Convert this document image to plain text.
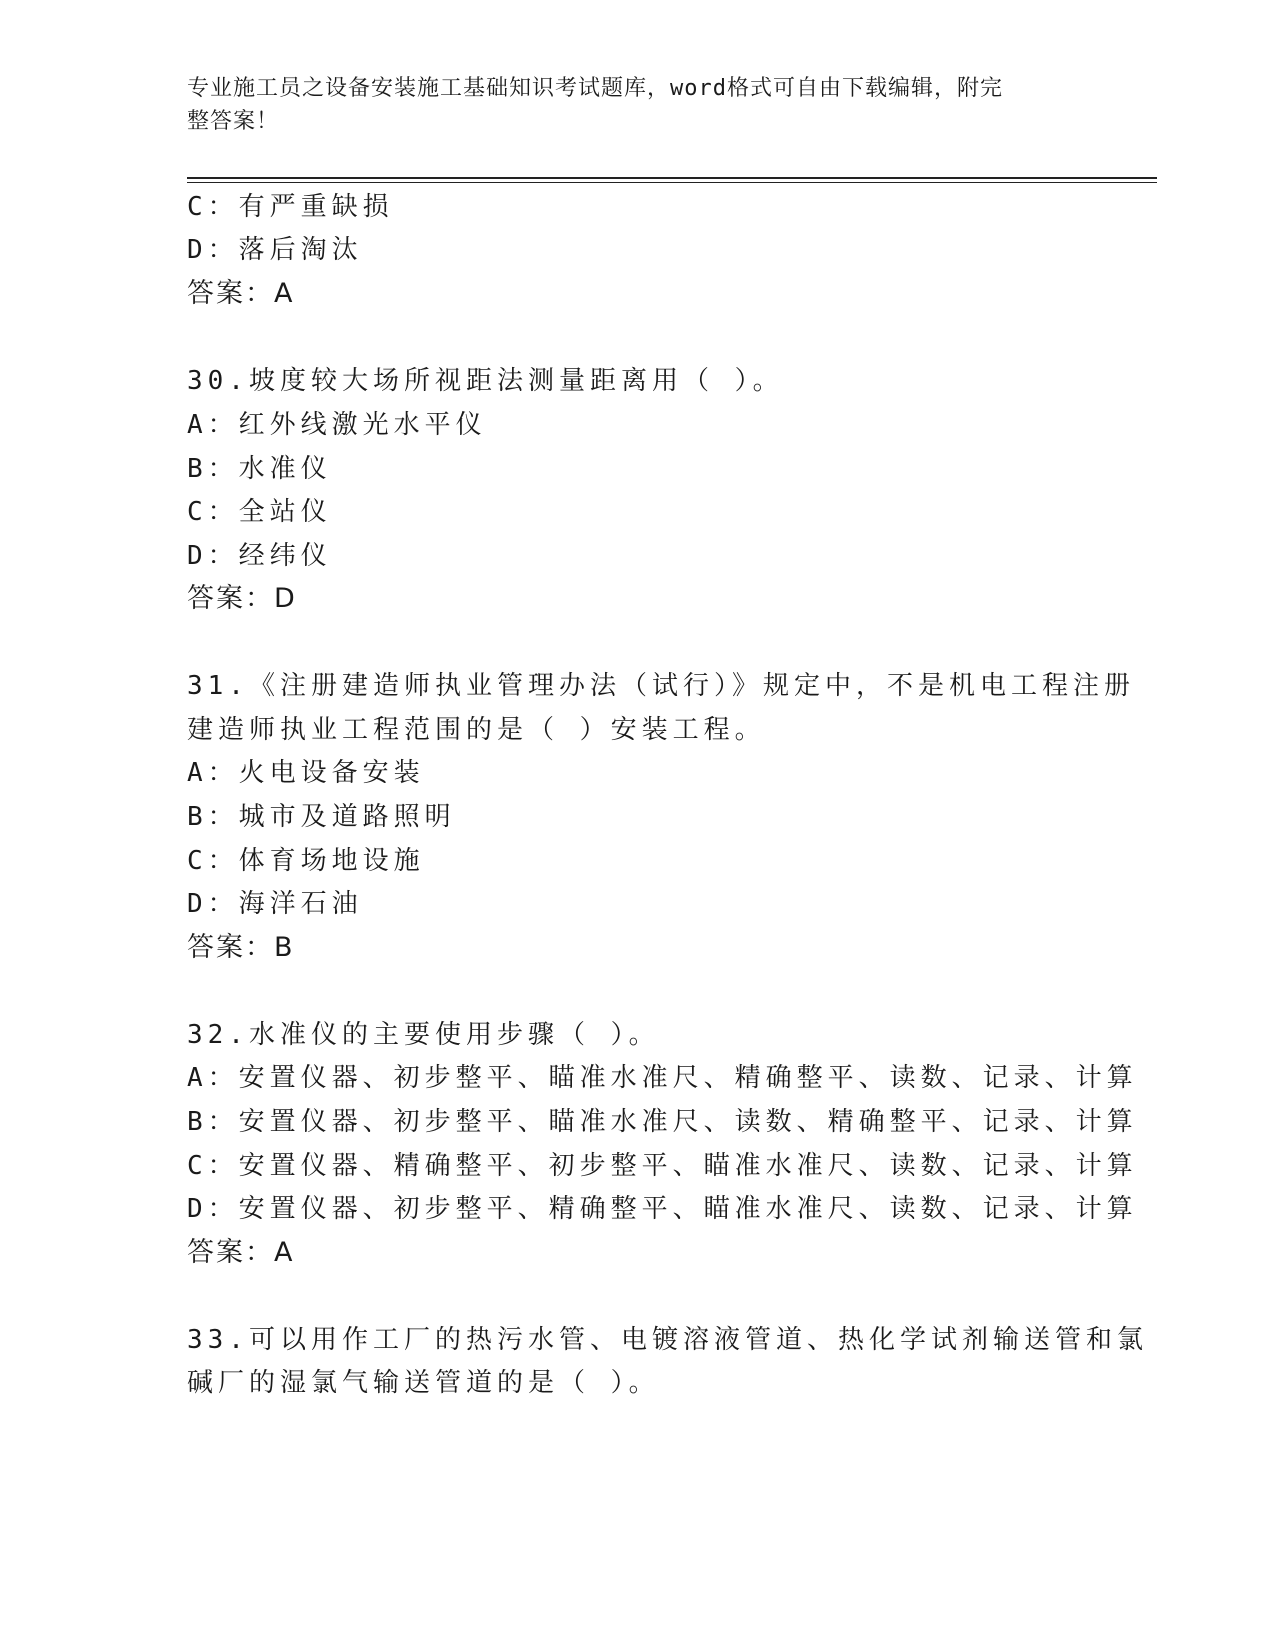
专业施工员之设备安装施工基础知识考试题库，word格式可自由下载编辑，附完
整答案！
C：有严重缺损
D：落后淘汰
答案：A
30.坡度较大场所视距法测量距离用（ ）。
A：红外线激光水平仪
B：水准仪
C：全站仪
D：经纬仪
答案：D
31.《注册建造师执业管理办法（试行）》规定中，不是机电工程注册
建造师执业工程范围的是（ ）安装工程。
A：火电设备安装
B：城市及道路照明
C：体育场地设施
D：海洋石油
答案：B
32.水准仪的主要使用步骤（ ）。
A：安置仪器、初步整平、瞄准水准尺、精确整平、读数、记录、计算
B：安置仪器、初步整平、瞄准水准尺、读数、精确整平、记录、计算
C：安置仪器、精确整平、初步整平、瞄准水准尺、读数、记录、计算
D：安置仪器、初步整平、精确整平、瞄准水准尺、读数、记录、计算
答案：A
33.可以用作工厂的热污水管、电镀溶液管道、热化学试剂输送管和氯
碱厂的湿氯气输送管道的是（ ）。
